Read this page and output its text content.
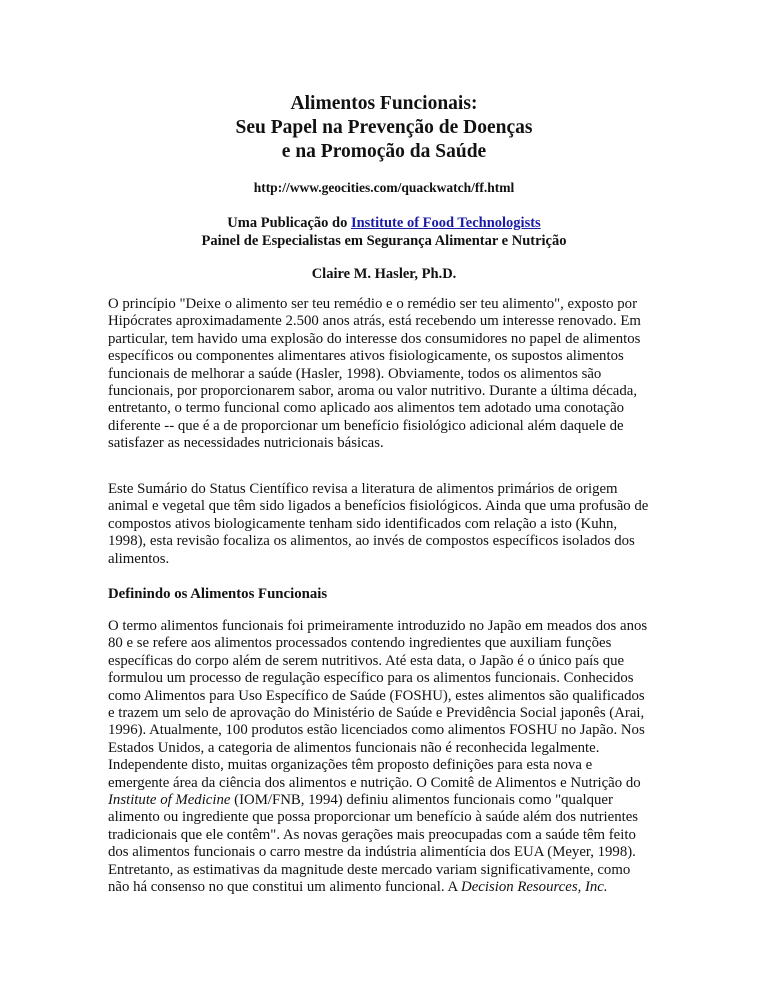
Alimentos Funcionais:
Seu Papel na Prevenção de Doenças
e na Promoção da Saúde
http://www.geocities.com/quackwatch/ff.html
Uma Publicação do Institute of Food Technologists
Painel de Especialistas em Segurança Alimentar e Nutrição
Claire M. Hasler, Ph.D.
O princípio "Deixe o alimento ser teu remédio e o remédio ser teu alimento", exposto por
Hipócrates aproximadamente 2.500 anos atrás, está recebendo um interesse renovado. Em
particular, tem havido uma explosão do interesse dos consumidores no papel de alimentos
específicos ou componentes alimentares ativos fisiologicamente, os supostos alimentos
funcionais de melhorar a saúde (Hasler, 1998). Obviamente, todos os alimentos são
funcionais, por proporcionarem sabor, aroma ou valor nutritivo. Durante a última década,
entretanto, o termo funcional como aplicado aos alimentos tem adotado uma conotação
diferente -- que é a de proporcionar um benefício fisiológico adicional além daquele de
satisfazer as necessidades nutricionais básicas.
Este Sumário do Status Científico revisa a literatura de alimentos primários de origem
animal e vegetal que têm sido ligados a benefícios fisiológicos. Ainda que uma profusão de
compostos ativos biologicamente tenham sido identificados com relação a isto (Kuhn,
1998), esta revisão focaliza os alimentos, ao invés de compostos específicos isolados dos
alimentos.
Definindo os Alimentos Funcionais
O termo alimentos funcionais foi primeiramente introduzido no Japão em meados dos anos
80 e se refere aos alimentos processados contendo ingredientes que auxiliam funções
específicas do corpo além de serem nutritivos. Até esta data, o Japão é o único país que
formulou um processo de regulação específico para os alimentos funcionais. Conhecidos
como Alimentos para Uso Específico de Saúde (FOSHU), estes alimentos são qualificados
e trazem um selo de aprovação do Ministério de Saúde e Previdência Social japonês (Arai,
1996). Atualmente, 100 produtos estão licenciados como alimentos FOSHU no Japão. Nos
Estados Unidos, a categoria de alimentos funcionais não é reconhecida legalmente.
Independente disto, muitas organizações têm proposto definições para esta nova e
emergente área da ciência dos alimentos e nutrição. O Comitê de Alimentos e Nutrição do
Institute of Medicine (IOM/FNB, 1994) definiu alimentos funcionais como "qualquer
alimento ou ingrediente que possa proporcionar um benefício à saúde além dos nutrientes
tradicionais que ele contêm". As novas gerações mais preocupadas com a saúde têm feito
dos alimentos funcionais o carro mestre da indústria alimentícia dos EUA (Meyer, 1998).
Entretanto, as estimativas da magnitude deste mercado variam significativamente, como
não há consenso no que constitui um alimento funcional. A Decision Resources, Inc.
